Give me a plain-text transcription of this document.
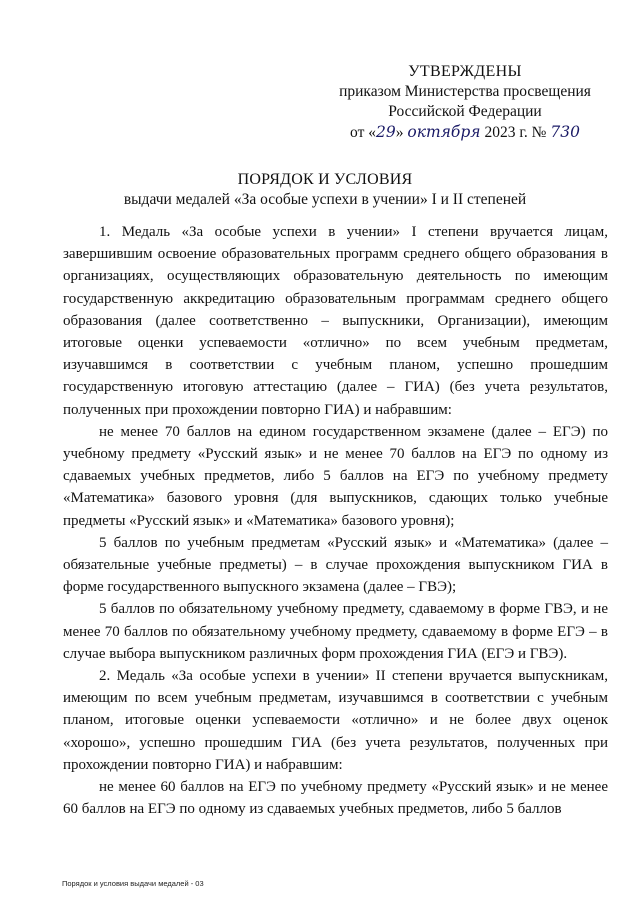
УТВЕРЖДЕНЫ
приказом Министерства просвещения
Российской Федерации
от «29» октября 2023 г. № 730
ПОРЯДОК И УСЛОВИЯ
выдачи медалей «За особые успехи в учении» I и II степеней

1. Медаль «За особые успехи в учении» I степени вручается лицам, завершившим освоение образовательных программ среднего общего образования в организациях, осуществляющих образовательную деятельность по имеющим государственную аккредитацию образовательным программам среднего общего образования (далее соответственно – выпускники, Организации), имеющим итоговые оценки успеваемости «отлично» по всем учебным предметам, изучавшимся в соответствии с учебным планом, успешно прошедшим государственную итоговую аттестацию (далее – ГИА) (без учета результатов, полученных при прохождении повторно ГИА) и набравшим:

не менее 70 баллов на едином государственном экзамене (далее – ЕГЭ) по учебному предмету «Русский язык» и не менее 70 баллов на ЕГЭ по одному из сдаваемых учебных предметов, либо 5 баллов на ЕГЭ по учебному предмету «Математика» базового уровня (для выпускников, сдающих только учебные предметы «Русский язык» и «Математика» базового уровня);

5 баллов по учебным предметам «Русский язык» и «Математика» (далее – обязательные учебные предметы) – в случае прохождения выпускником ГИА в форме государственного выпускного экзамена (далее – ГВЭ);

5 баллов по обязательному учебному предмету, сдаваемому в форме ГВЭ, и не менее 70 баллов по обязательному учебному предмету, сдаваемому в форме ЕГЭ – в случае выбора выпускником различных форм прохождения ГИА (ЕГЭ и ГВЭ).

2. Медаль «За особые успехи в учении» II степени вручается выпускникам, имеющим по всем учебным предметам, изучавшимся в соответствии с учебным планом, итоговые оценки успеваемости «отлично» и не более двух оценок «хорошо», успешно прошедшим ГИА (без учета результатов, полученных при прохождении повторно ГИА) и набравшим:

не менее 60 баллов на ЕГЭ по учебному предмету «Русский язык» и не менее 60 баллов на ЕГЭ по одному из сдаваемых учебных предметов, либо 5 баллов

Порядок и условия выдачи медалей - 03
